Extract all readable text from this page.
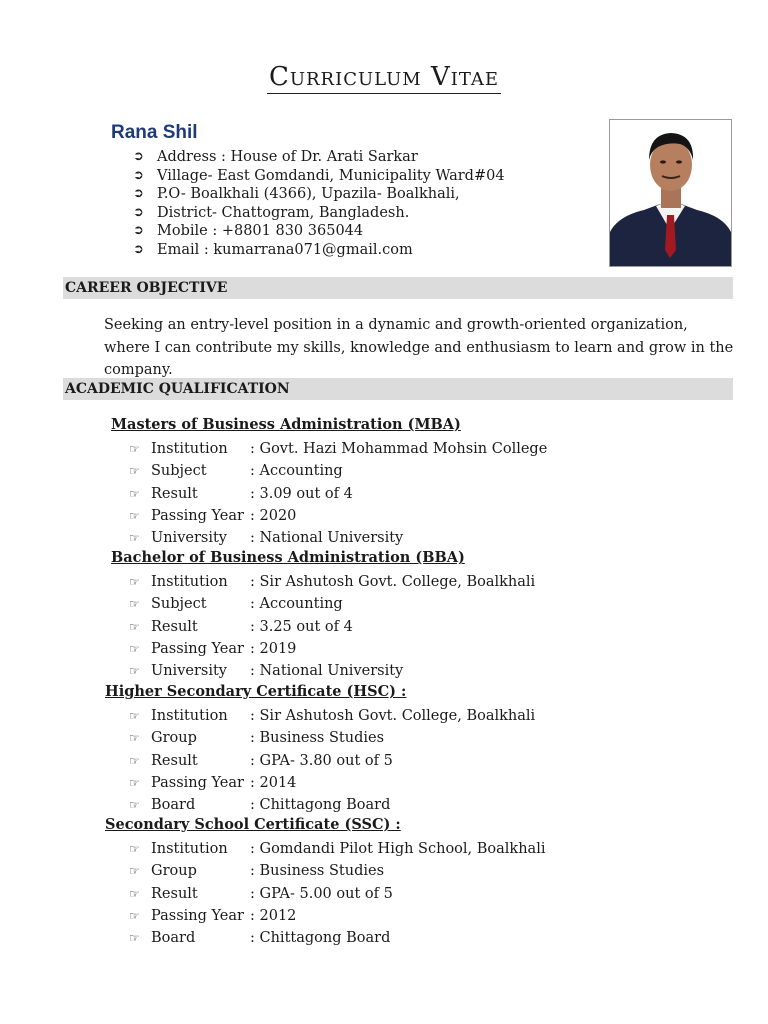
Curriculum Vitae
Rana Shil
➲ Address : House of Dr. Arati Sarkar
➲ Village- East Gomdandi, Municipality Ward#04
➲ P.O- Boalkhali (4366), Upazila- Boalkhali,
➲ District- Chattogram, Bangladesh.
➲ Mobile : +8801 830 365044
➲ Email : kumarrana071@gmail.com
CAREER OBJECTIVE
Seeking an entry-level position in a dynamic and growth-oriented organization, where I can contribute my skills, knowledge and enthusiasm to learn and grow in the company.
ACADEMIC QUALIFICATION
Masters of Business Administration (MBA)
☞ Institution	: Govt. Hazi Mohammad Mohsin College
☞ Subject	: Accounting
☞ Result	: 3.09 out of 4
☞ Passing Year : 2020
☞ University	: National University
Bachelor of Business Administration (BBA)
☞ Institution	: Sir Ashutosh Govt. College, Boalkhali
☞ Subject	: Accounting
☞ Result	: 3.25 out of 4
☞ Passing Year : 2019
☞ University	: National University
Higher Secondary Certificate (HSC) :
☞ Institution	: Sir Ashutosh Govt. College, Boalkhali
☞ Group	: Business Studies
☞ Result	: GPA- 3.80 out of 5
☞ Passing Year : 2014
☞ Board	: Chittagong Board
Secondary School Certificate (SSC) :
☞ Institution	: Gomdandi Pilot High School, Boalkhali
☞ Group	: Business Studies
☞ Result	: GPA- 5.00 out of 5
☞ Passing Year : 2012
☞ Board	: Chittagong Board
